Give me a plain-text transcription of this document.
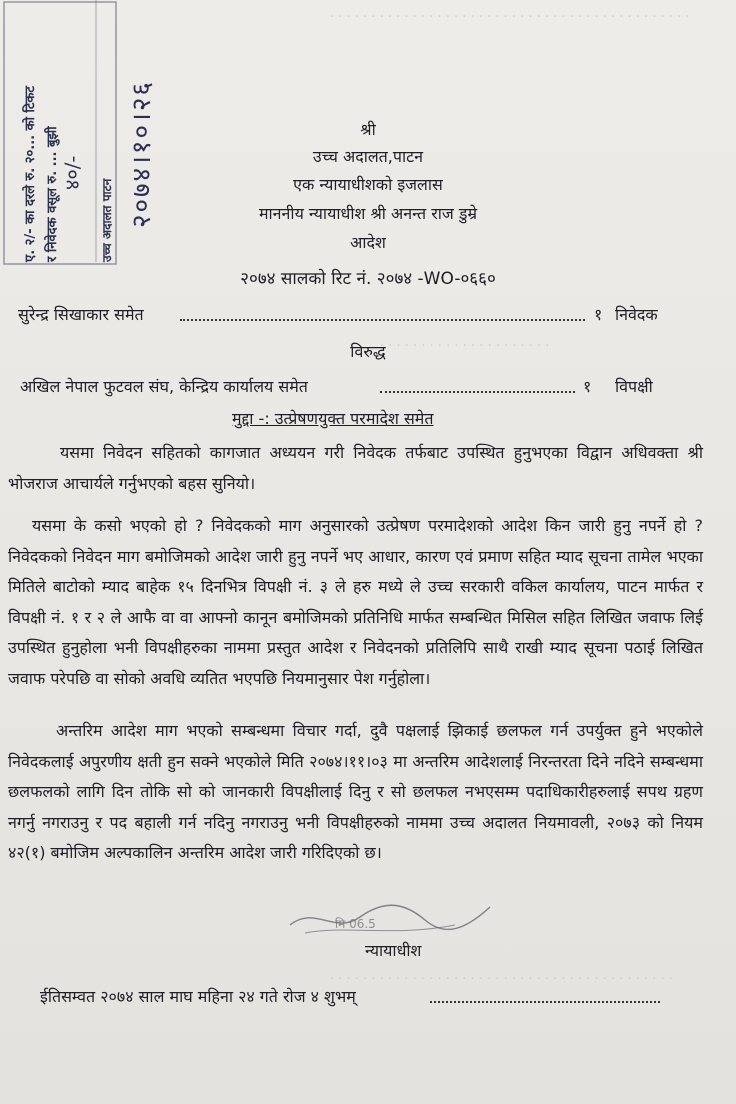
. . . . . . . . . . . . . . . . . . . . . . . . . . . . . . . . . . . . . . . . . . . .
. . . . . . . . . . . . . . . . . . . . .
. . . . . . . . . . . . . . . . . . . . . . . . . . . . . . . . . . . . . . . . . .
ए. २/- का दरले रु. २०... को टिकट र निवेदक वसूल रु. ... बुझी	उच्च अदालत पाटन
४०/- २०७४।१०।२६	श्री
उच्च अदालत,पाटन
एक न्यायाधीशको इजलास
माननीय न्यायाधीश श्री अनन्त राज डुम्रे
आदेश
२०७४ सालको रिट नं. २०७४ -WO-०६६०
सुरेन्द्र सिखाकार समेत	१ निवेदक
विरुद्ध
अखिल नेपाल फुटवल संघ, केन्द्रिय कार्यालय समेत	१ विपक्षी
मुद्दा -: उत्प्रेषणयुक्त परमादेश समेत
यसमा निवेदन सहितको कागजात अध्ययन गरी निवेदक तर्फबाट उपस्थित हुनुभएका विद्वान अधिवक्ता श्री भोजराज आचार्यले गर्नुभएको बहस सुनियो।
यसमा के कसो भएको हो ? निवेदकको माग अनुसारको उत्प्रेषण परमादेशको आदेश किन जारी हुनु नपर्ने हो ? निवेदकको निवेदन माग बमोजिमको आदेश जारी हुनु नपर्ने भए आधार, कारण एवं प्रमाण सहित म्याद सूचना तामेल भएका मितिले बाटोको म्याद बाहेक १५ दिनभित्र विपक्षी नं. ३ ले हरु मध्ये ले उच्च सरकारी वकिल कार्यालय, पाटन मार्फत र विपक्षी नं. १ र २ ले आफै वा वा आफ्नो कानून बमोजिमको प्रतिनिधि मार्फत सम्बन्धित मिसिल सहित लिखित जवाफ लिई उपस्थित हुनुहोला भनी विपक्षीहरुका नाममा प्रस्तुत आदेश र निवेदनको प्रतिलिपि साथै राखी म्याद सूचना पठाई लिखित जवाफ परेपछि वा सोको अवधि व्यतित भएपछि नियमानुसार पेश गर्नुहोला।
अन्तरिम आदेश माग भएको सम्बन्धमा विचार गर्दा, दुवै पक्षलाई झिकाई छलफल गर्न उपर्युक्त हुने भएकोले निवेदकलाई अपुरणीय क्षती हुन सक्ने भएकोले मिति २०७४।११।०३ मा अन्तरिम आदेशलाई निरन्तरता दिने नदिने सम्बन्धमा छलफलको लागि दिन तोकि सो को जानकारी विपक्षीलाई दिनु र सो छलफल नभएसम्म पदाधिकारीहरुलाई सपथ ग्रहण नगर्नु नगराउनु र पद बहाली गर्न नदिनु नगराउनु भनी विपक्षीहरुको नाममा उच्च अदालत नियमावली, २०७३ को नियम ४२(१) बमोजिम अल्पकालिन अन्तरिम आदेश जारी गरिदिएको छ।
मि 06.5
न्यायाधीश
ईतिसम्वत २०७४ साल माघ महिना २४ गते रोज ४ शुभम्
